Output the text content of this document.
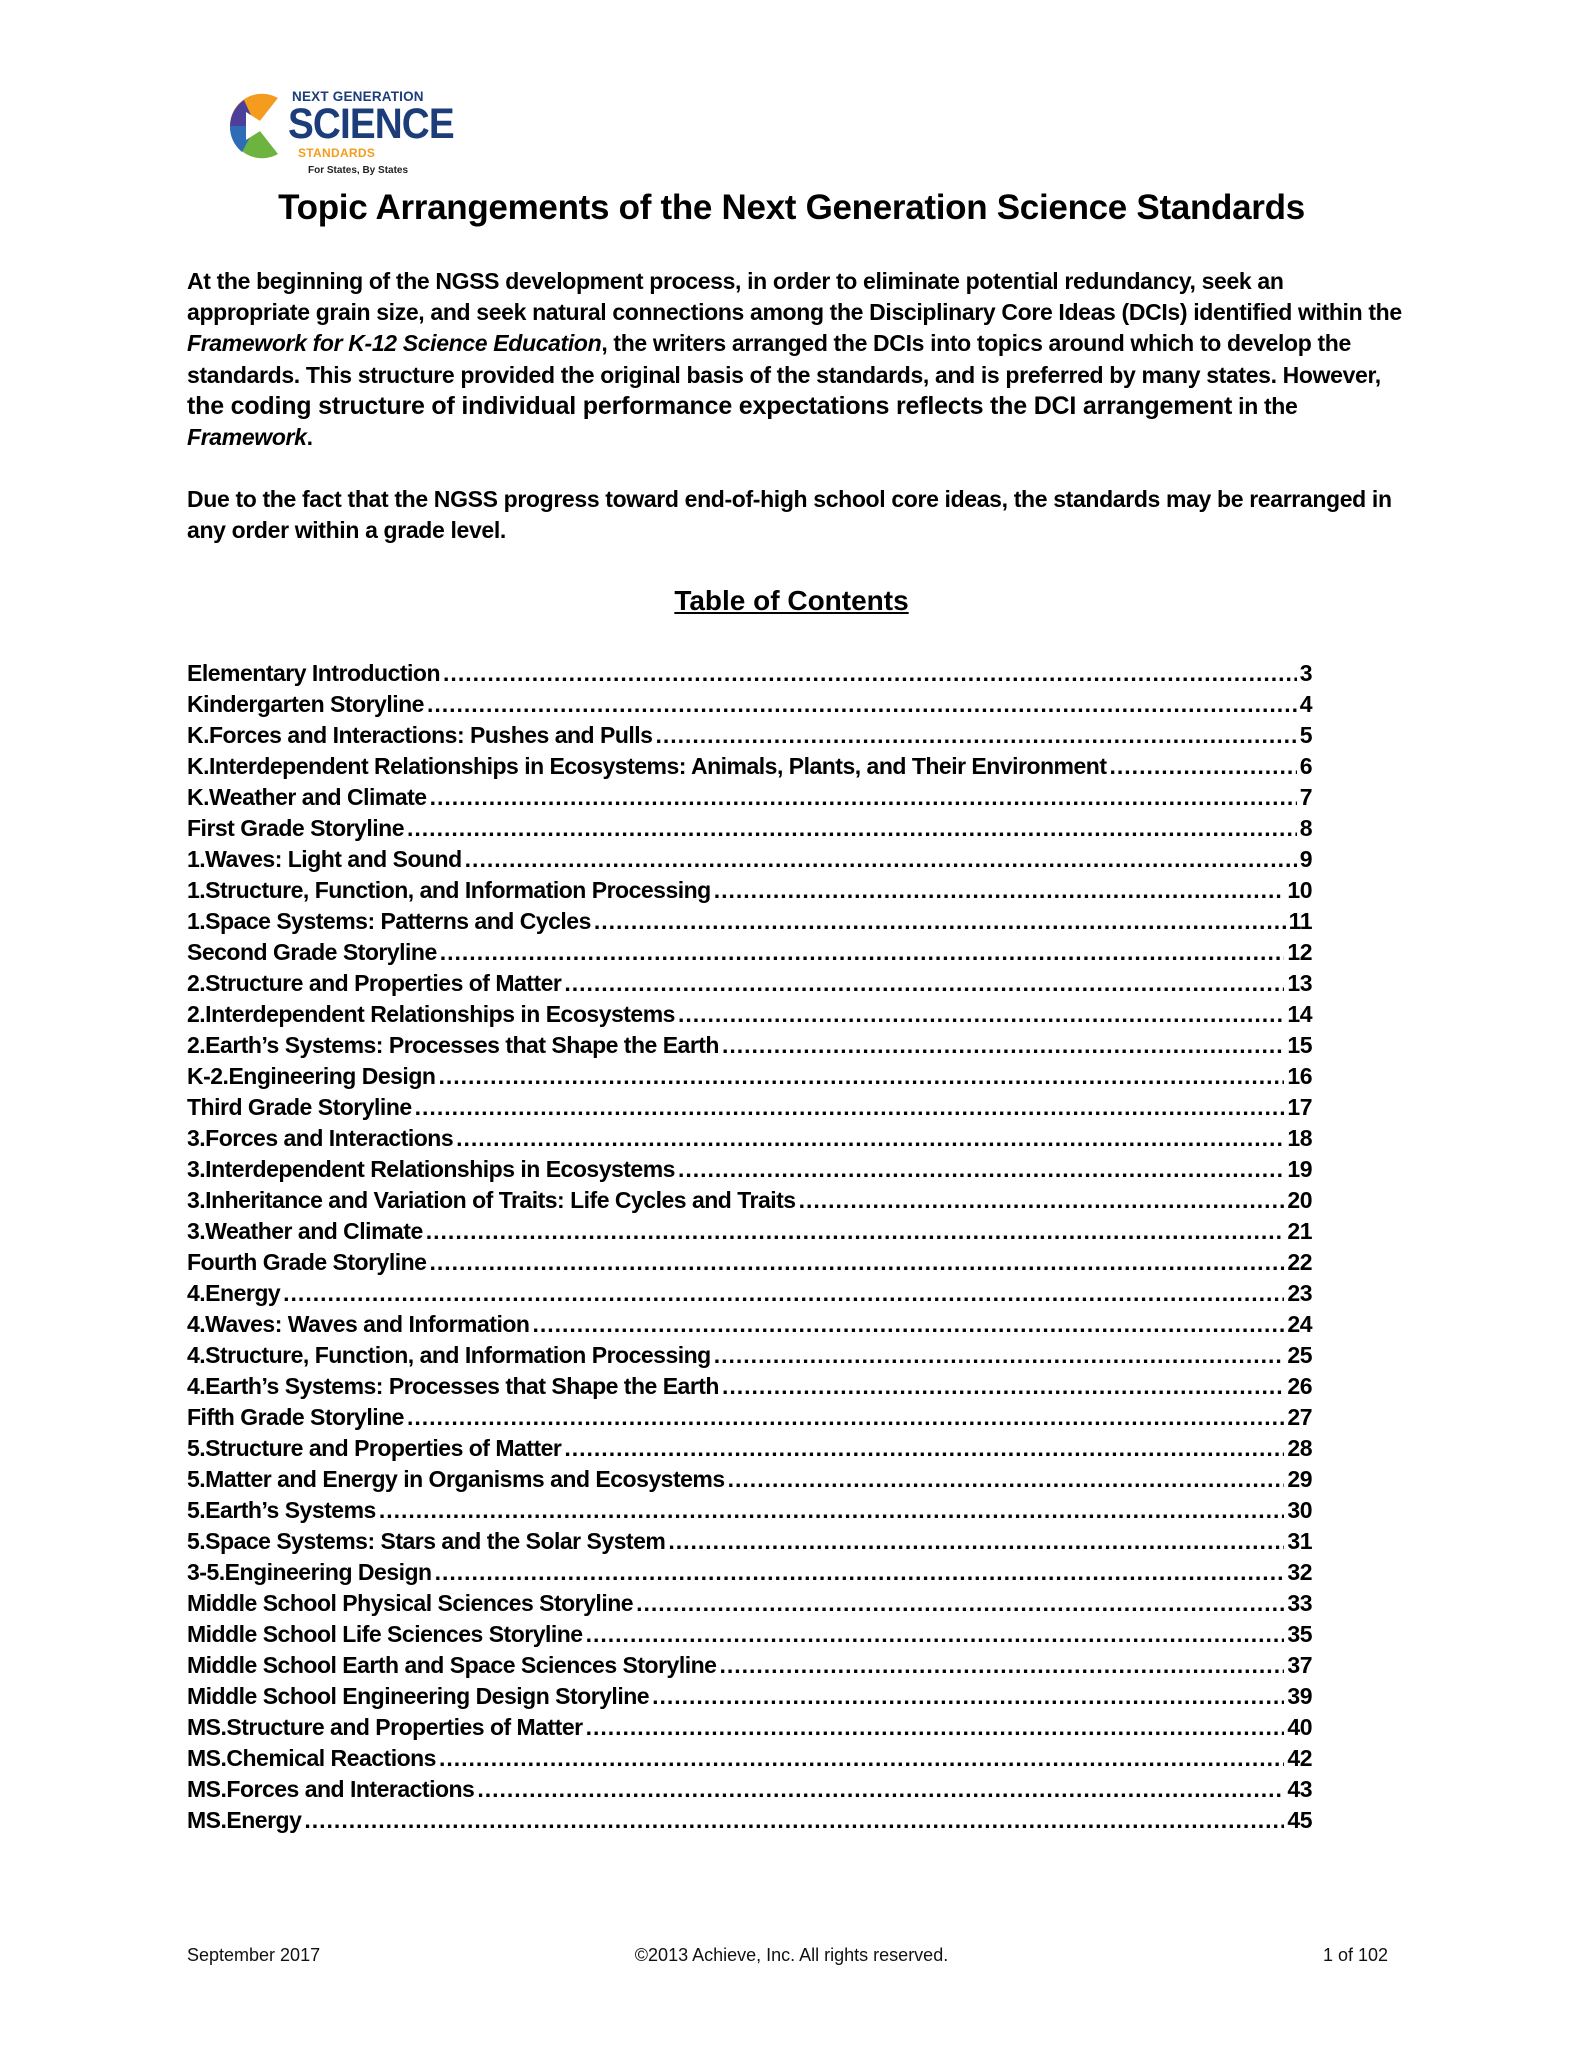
NEXT GENERATION
SCIENCE
STANDARDS
For States, By States
Topic Arrangements of the Next Generation Science Standards

At the beginning of the NGSS development process, in order to eliminate potential redundancy, seek an appropriate grain size, and seek natural connections among the Disciplinary Core Ideas (DCIs) identified within the Framework for K-12 Science Education, the writers arranged the DCIs into topics around which to develop the standards. This structure provided the original basis of the standards, and is preferred by many states. However, the coding structure of individual performance expectations reflects the DCI arrangement in the Framework.

Due to the fact that the NGSS progress toward end-of-high school core ideas, the standards may be rearranged in any order within a grade level.

Table of Contents
Elementary Introduction .....	3
Kindergarten Storyline .....	4
K.Forces and Interactions: Pushes and Pulls .....	5
K.Interdependent Relationships in Ecosystems: Animals, Plants, and Their Environment .....	6
K.Weather and Climate .....	7
First Grade Storyline .....	8
1.Waves: Light and Sound .....	9
1.Structure, Function, and Information Processing .....	10
1.Space Systems: Patterns and Cycles .....	11
Second Grade Storyline .....	12
2.Structure and Properties of Matter .....	13
2.Interdependent Relationships in Ecosystems .....	14
2.Earth’s Systems: Processes that Shape the Earth .....	15
K-2.Engineering Design .....	16
Third Grade Storyline .....	17
3.Forces and Interactions .....	18
3.Interdependent Relationships in Ecosystems .....	19
3.Inheritance and Variation of Traits: Life Cycles and Traits .....	20
3.Weather and Climate .....	21
Fourth Grade Storyline .....	22
4.Energy .....	23
4.Waves: Waves and Information .....	24
4.Structure, Function, and Information Processing .....	25
4.Earth’s Systems: Processes that Shape the Earth .....	26
Fifth Grade Storyline .....	27
5.Structure and Properties of Matter .....	28
5.Matter and Energy in Organisms and Ecosystems .....	29
5.Earth’s Systems .....	30
5.Space Systems: Stars and the Solar System .....	31
3-5.Engineering Design .....	32
Middle School Physical Sciences Storyline .....	33
Middle School Life Sciences Storyline .....	35
Middle School Earth and Space Sciences Storyline .....	37
Middle School Engineering Design Storyline .....	39
MS.Structure and Properties of Matter .....	40
MS.Chemical Reactions .....	42
MS.Forces and Interactions .....	43
MS.Energy .....	45
September 2017	©2013 Achieve, Inc. All rights reserved.	1 of 102
